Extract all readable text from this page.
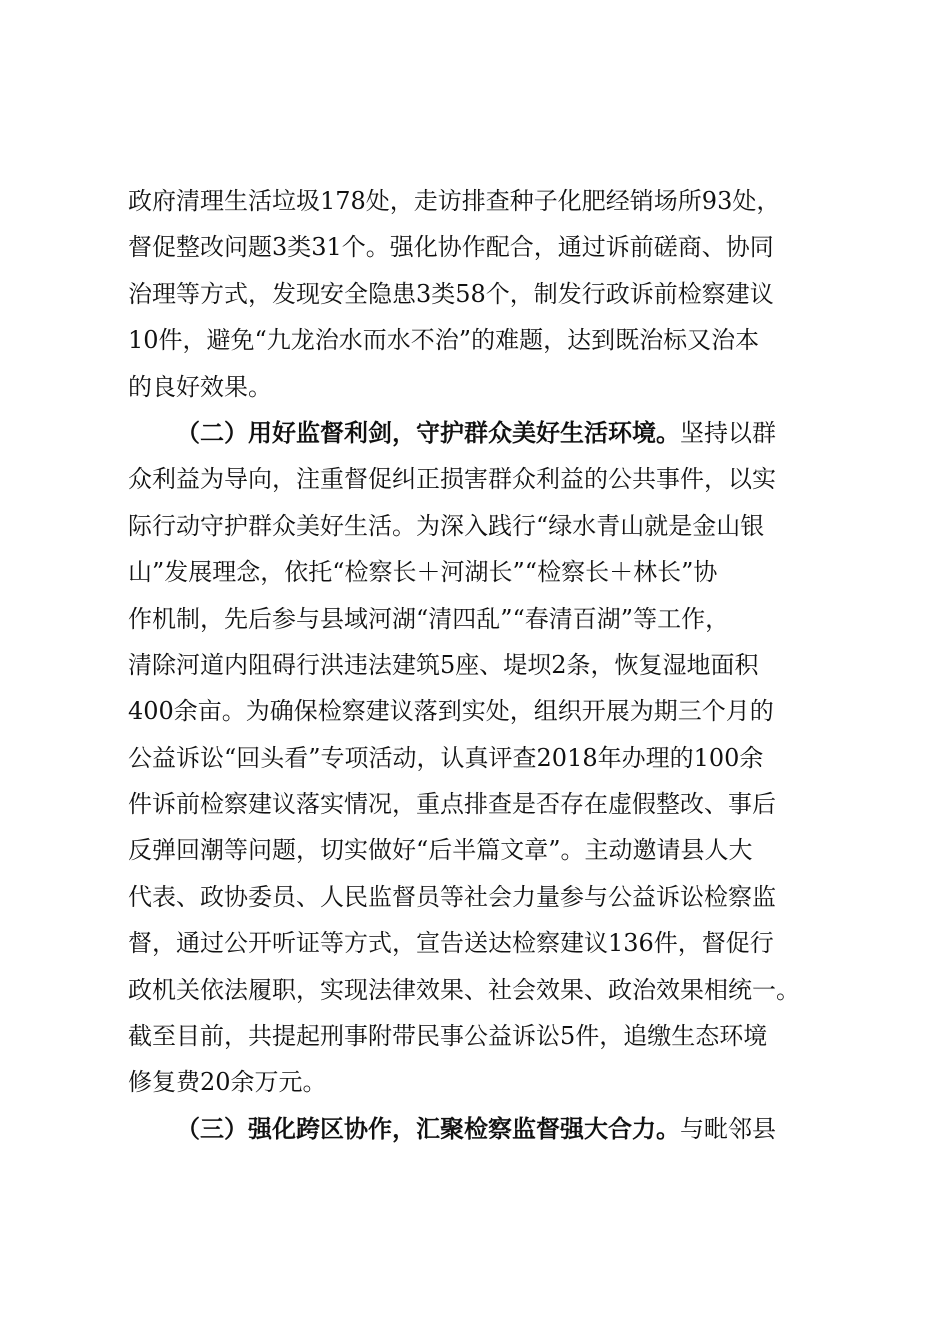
政府清理生活垃圾178处，走访排查种子化肥经销场所93处，
督促整改问题3类31个。强化协作配合，通过诉前磋商、协同
治理等方式，发现安全隐患3类58个，制发行政诉前检察建议
10件，避免“九龙治水而水不治”的难题，达到既治标又治本
的良好效果。
（二）用好监督利剑，守护群众美好生活环境。坚持以群
众利益为导向，注重督促纠正损害群众利益的公共事件，以实
际行动守护群众美好生活。为深入践行“绿水青山就是金山银
山”发展理念，依托“检察长＋河湖长”“检察长＋林长”协
作机制，先后参与县域河湖“清四乱”“春清百湖”等工作，
清除河道内阻碍行洪违法建筑5座、堤坝2条，恢复湿地面积
400余亩。为确保检察建议落到实处，组织开展为期三个月的
公益诉讼“回头看”专项活动，认真评查2018年办理的100余
件诉前检察建议落实情况，重点排查是否存在虚假整改、事后
反弹回潮等问题，切实做好“后半篇文章”。主动邀请县人大
代表、政协委员、人民监督员等社会力量参与公益诉讼检察监
督，通过公开听证等方式，宣告送达检察建议136件，督促行
政机关依法履职，实现法律效果、社会效果、政治效果相统一。
截至目前，共提起刑事附带民事公益诉讼5件，追缴生态环境
修复费20余万元。
（三）强化跨区协作，汇聚检察监督强大合力。与毗邻县
